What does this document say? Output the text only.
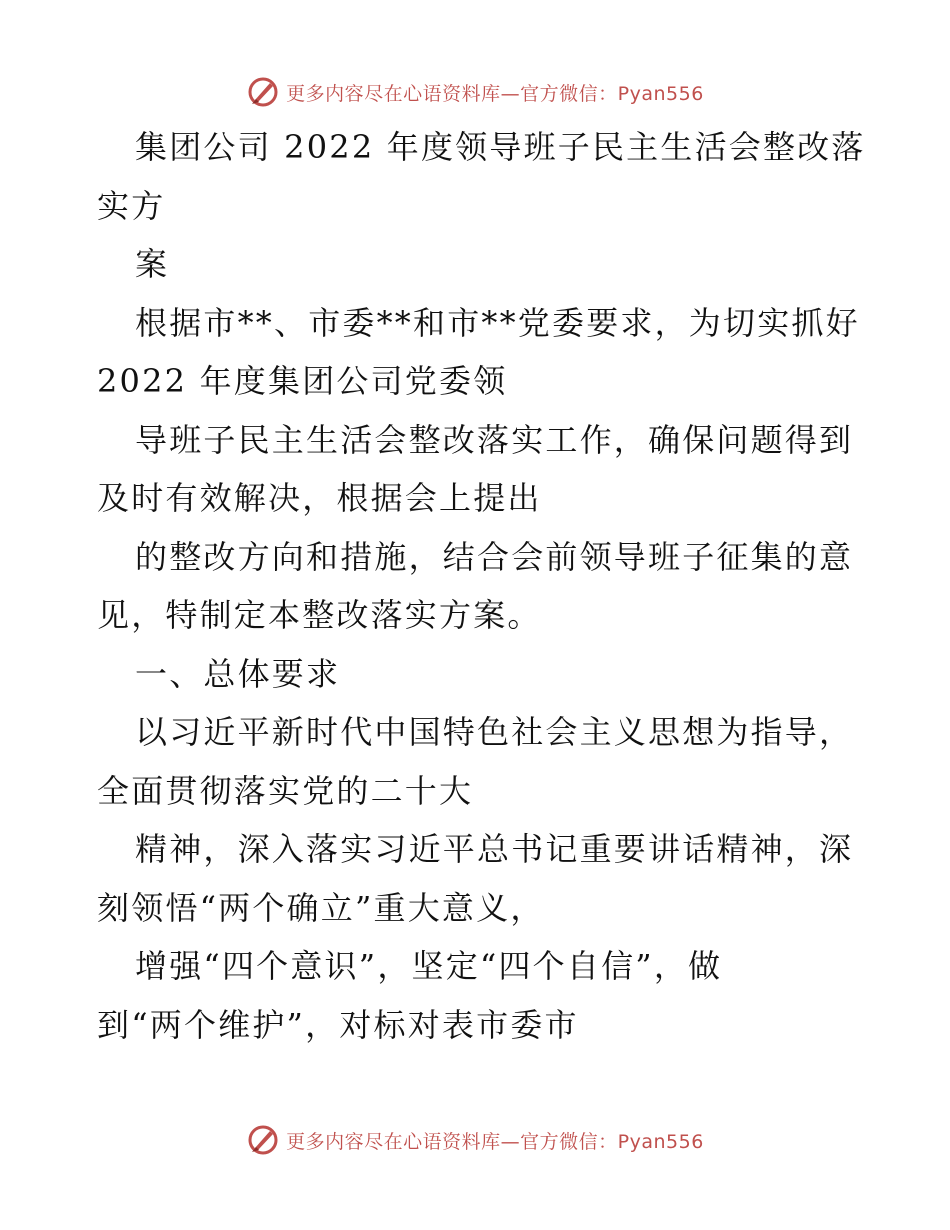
更多内容尽在心语资料库—官方微信：Pyan556
集团公司 2022 年度领导班子民主生活会整改落
实方
案
根据市**、市委**和市**党委要求，为切实抓好
2022 年度集团公司党委领
导班子民主生活会整改落实工作，确保问题得到
及时有效解决，根据会上提出
的整改方向和措施，结合会前领导班子征集的意
见，特制定本整改落实方案。
一、总体要求
以习近平新时代中国特色社会主义思想为指导，
全面贯彻落实党的二十大
精神，深入落实习近平总书记重要讲话精神，深
刻领悟“两个确立”重大意义，
增强“四个意识”，坚定“四个自信”，做
到“两个维护”，对标对表市委市
更多内容尽在心语资料库—官方微信：Pyan556
